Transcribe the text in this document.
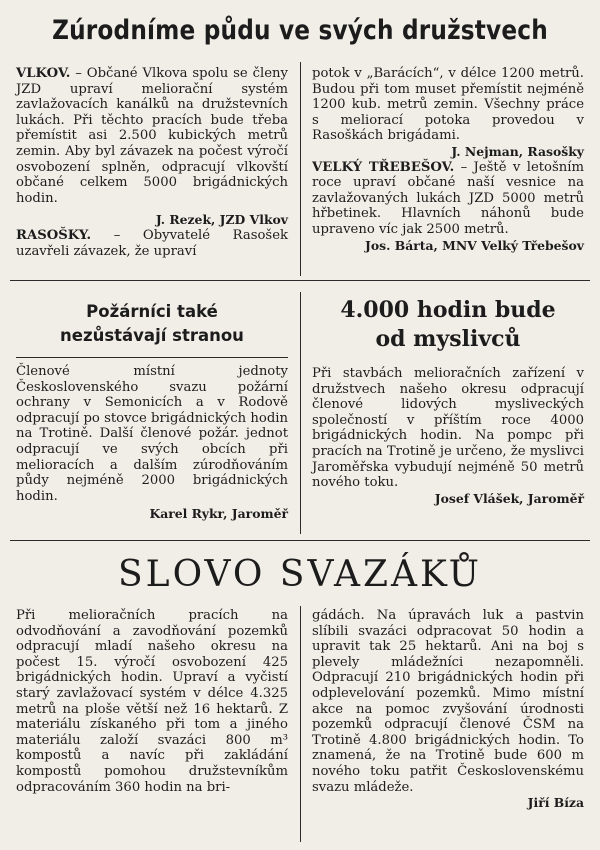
Zúrodníme půdu ve svých družstvech

VLKOV. – Občané Vlkova spolu se členy JZD upraví meliorační systém zavlažovacích kanálků na družstevních lukách. Při těchto pracích bude třeba přemístit asi 2.500 kubických metrů zemin. Aby byl závazek na počest výročí osvobození splněn, odpracují vlkovští občané celkem 5000 brigádnických hodin.

J. Rezek, JZD Vlkov

RASOŠKY. – Obyvatelé Rasošek uzavřeli závazek, že upraví

potok v „Barácích“, v délce 1200 metrů. Budou při tom muset přemístit nejméně 1200 kub. metrů zemin. Všechny práce s meliorací potoka provedou v Rasoškách brigádami.

J. Nejman, Rasošky

VELKÝ TŘEBEŠOV. – Ještě v letošním roce upraví občané naší vesnice na zavlažovaných lukách JZD 5000 metrů hřbetinek. Hlavních náhonů bude upraveno víc jak 2500 metrů.

Jos. Bárta, MNV Velký Třebešov
Požárníci také
nezůstávají stranou

Členové místní jednoty Československého svazu požární ochrany v Semonicích a v Rodově odpracují po stovce brigádnických hodin na Trotině. Další členové požár. jednot odpracují ve svých obcích při melioracích a dalším zúrodňováním půdy nejméně 2000 brigádnických hodin.

Karel Rykr, Jaroměř
4.000 hodin bude
od myslivců

Při stavbách melioračních zařízení v družstvech našeho okresu odpracují členové lidových mysliveckých společností v příštím roce 4000 brigádnických hodin. Na pompc při pracích na Trotině je určeno, že myslivci Jaroměřska vybudují nejméně 50 metrů nového toku.

Josef Vlášek, Jaroměř
SLOVO SVAZÁKŮ

Při melioračních pracích na odvodňování a zavodňování pozemků odpracují mladí našeho okresu na počest 15. výročí osvobození 425 brigádnických hodin. Upraví a vyčistí starý zavlažovací systém v délce 4.325 metrů na ploše větší než 16 hektarů. Z materiálu získaného při tom a jiného materiálu založí svazáci 800 m³ kompostů a navíc při zakládání kompostů pomohou družstevníkům odpracováním 360 hodin na bri-

gádách. Na úpravách luk a pastvin slíbili svazáci odpracovat 50 hodin a upravit tak 25 hektarů. Ani na boj s plevely mládežníci nezapomněli. Odpracují 210 brigádnických hodin při odplevelování pozemků. Mimo místní akce na pomoc zvyšování úrodnosti pozemků odpracují členové ČSM na Trotině 4.800 brigádnických hodin. To znamená, že na Trotině bude 600 m nového toku patřit Československému svazu mládeže.

Jiří Bíza
